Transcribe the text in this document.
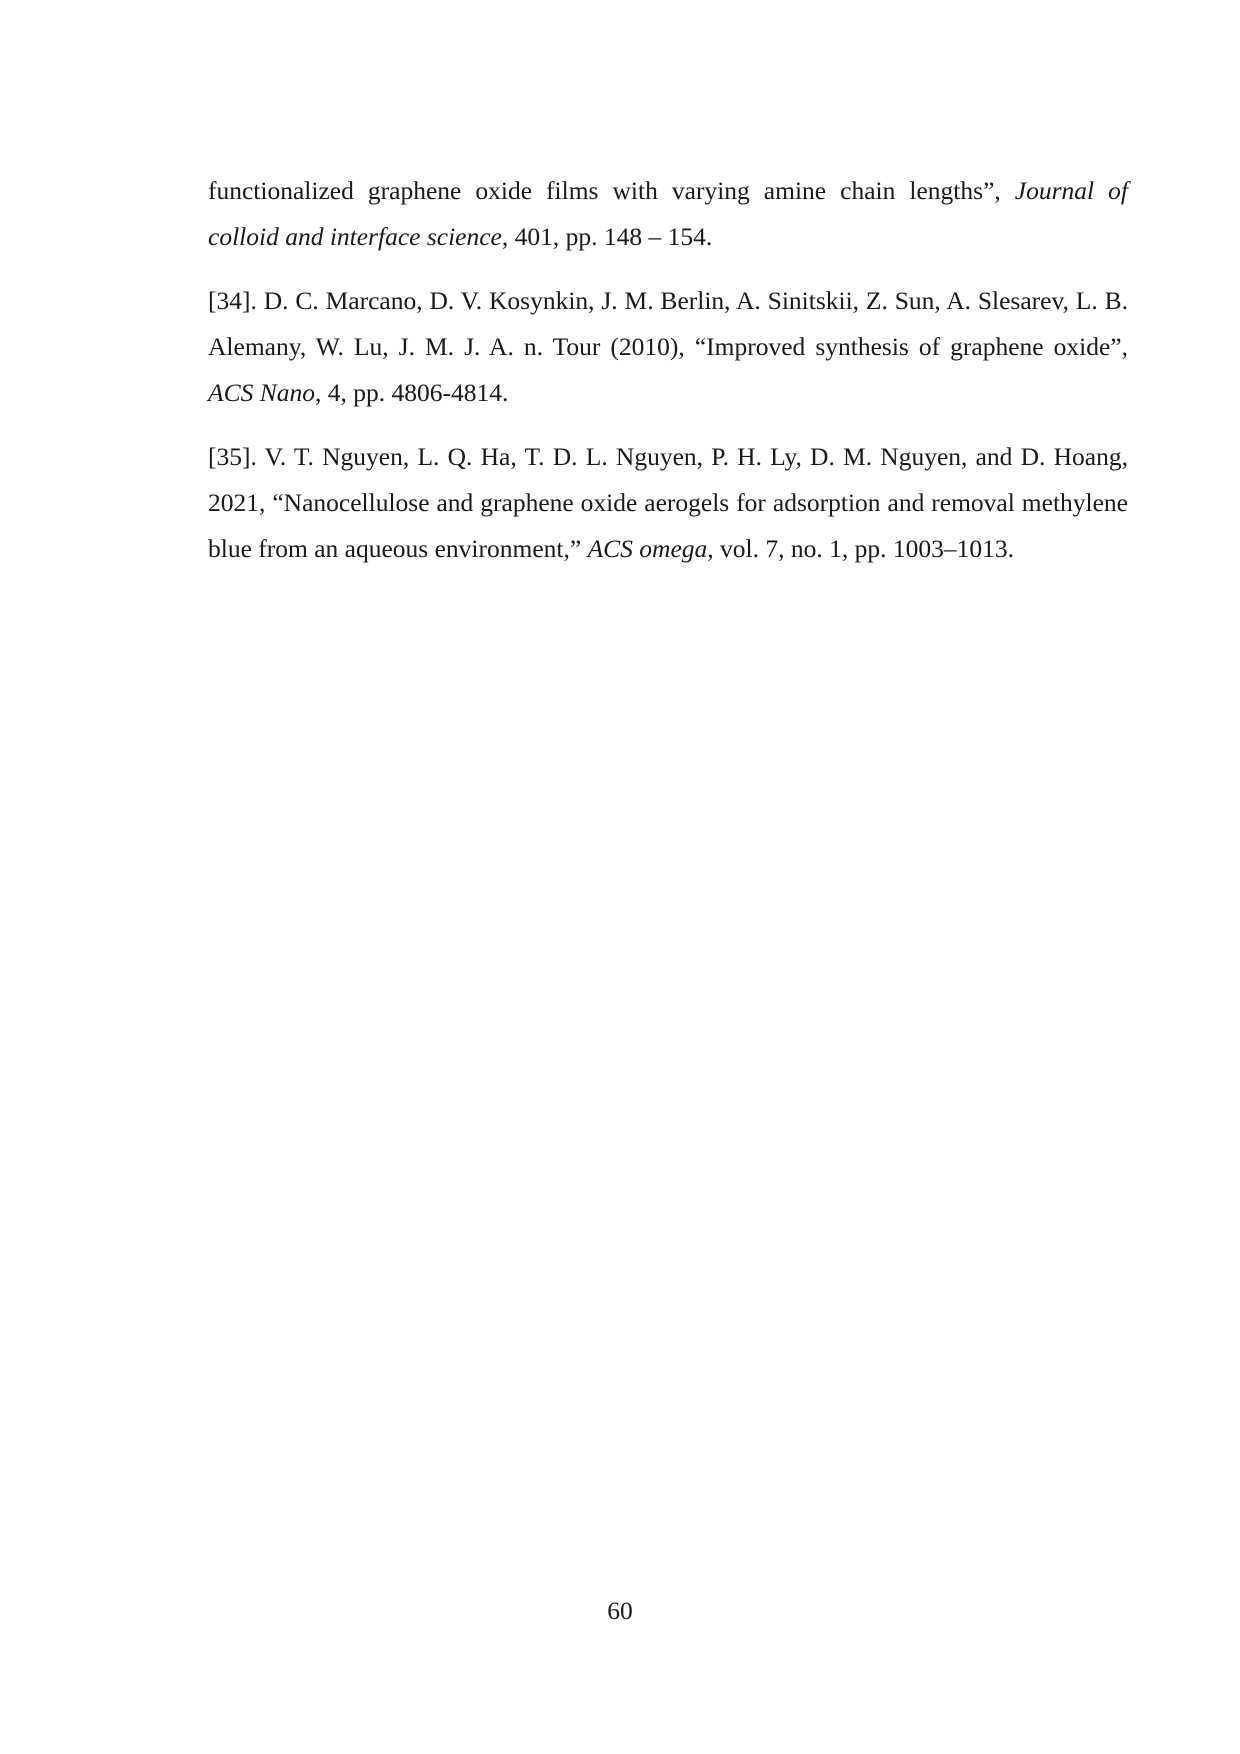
functionalized graphene oxide films with varying amine chain lengths”, Journal of colloid and interface science, 401, pp. 148 – 154.

[34]. D. C. Marcano, D. V. Kosynkin, J. M. Berlin, A. Sinitskii, Z. Sun, A. Slesarev, L. B. Alemany, W. Lu, J. M. J. A. n. Tour (2010), “Improved synthesis of graphene oxide”, ACS Nano, 4, pp. 4806-4814.

[35]. V. T. Nguyen, L. Q. Ha, T. D. L. Nguyen, P. H. Ly, D. M. Nguyen, and D. Hoang, 2021, “Nanocellulose and graphene oxide aerogels for adsorption and removal methylene blue from an aqueous environment,” ACS omega, vol. 7, no. 1, pp. 1003–1013.

60
